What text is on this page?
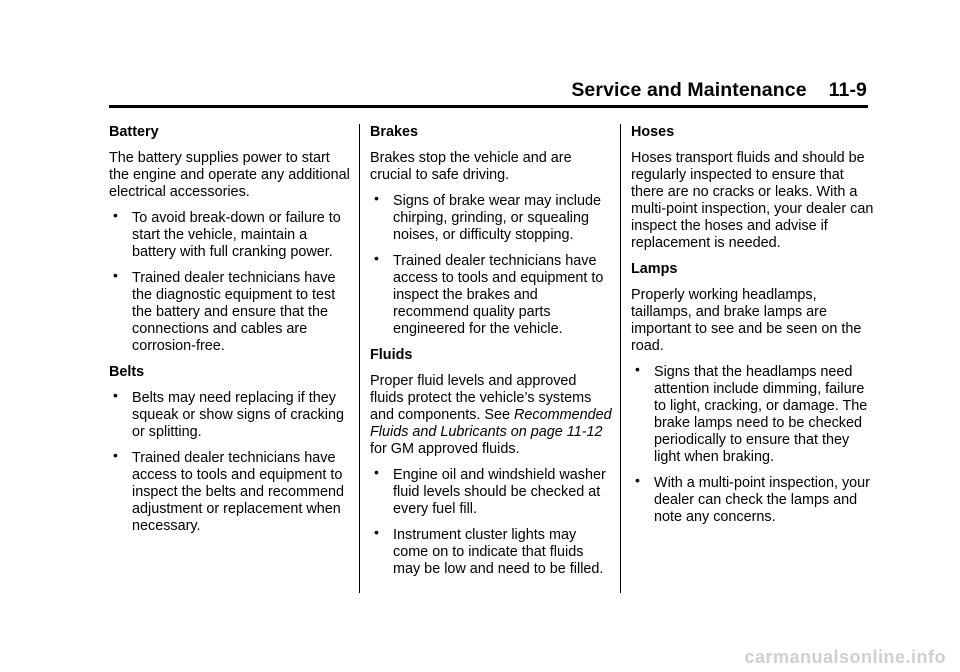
Service and Maintenance 11-9
Battery
The battery supplies power to start the engine and operate any additional electrical accessories.
• To avoid break-down or failure to start the vehicle, maintain a battery with full cranking power.
• Trained dealer technicians have the diagnostic equipment to test the battery and ensure that the connections and cables are corrosion-free.
Belts
• Belts may need replacing if they squeak or show signs of cracking or splitting.
• Trained dealer technicians have access to tools and equipment to inspect the belts and recommend adjustment or replacement when necessary.
Brakes
Brakes stop the vehicle and are crucial to safe driving.
• Signs of brake wear may include chirping, grinding, or squealing noises, or difficulty stopping.
• Trained dealer technicians have access to tools and equipment to inspect the brakes and recommend quality parts engineered for the vehicle.
Fluids
Proper fluid levels and approved fluids protect the vehicle’s systems and components. See Recommended Fluids and Lubricants on page 11-12 for GM approved fluids.
• Engine oil and windshield washer fluid levels should be checked at every fuel fill.
• Instrument cluster lights may come on to indicate that fluids may be low and need to be filled.
Hoses
Hoses transport fluids and should be regularly inspected to ensure that there are no cracks or leaks. With a multi-point inspection, your dealer can inspect the hoses and advise if replacement is needed.
Lamps
Properly working headlamps, taillamps, and brake lamps are important to see and be seen on the road.
• Signs that the headlamps need attention include dimming, failure to light, cracking, or damage. The brake lamps need to be checked periodically to ensure that they light when braking.
• With a multi-point inspection, your dealer can check the lamps and note any concerns.
carmanualsonline.info
